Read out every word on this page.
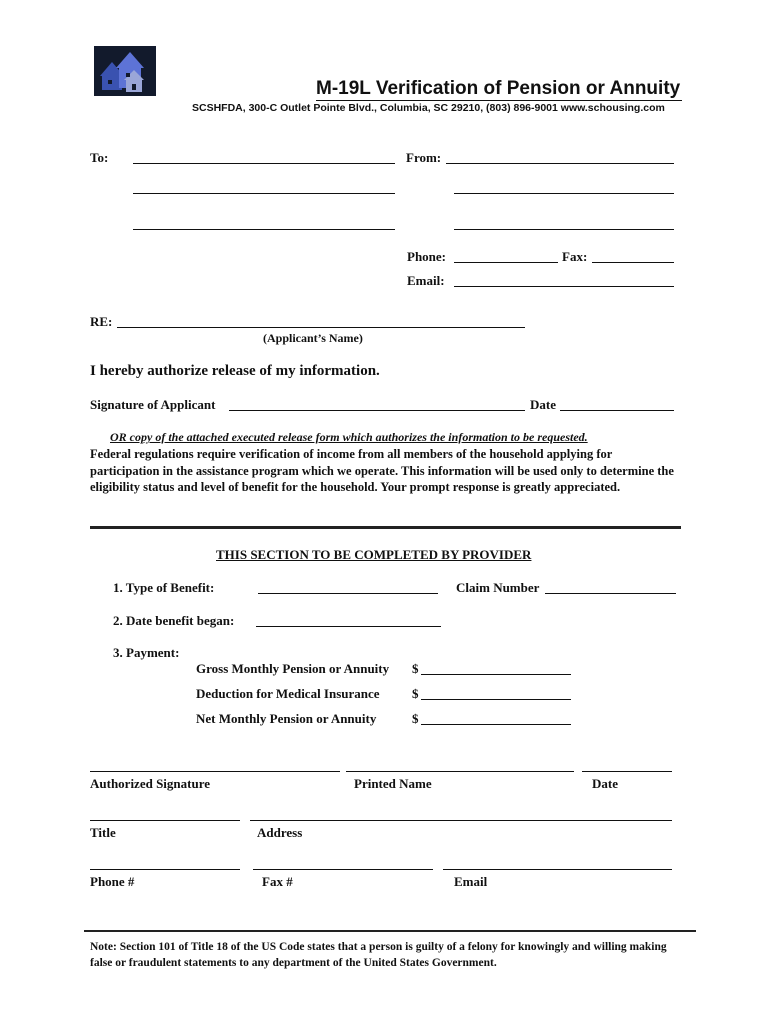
M-19L Verification of Pension or Annuity
SCSHFDA, 300-C Outlet Pointe Blvd., Columbia, SC 29210, (803) 896-9001 www.schousing.com
To:	From:
Phone:	Fax:
Email:
RE:
(Applicant’s Name)
I hereby authorize release of my information.
Signature of Applicant	Date
OR copy of the attached executed release form which authorizes the information to be requested.
Federal regulations require verification of income from all members of the household applying for participation in the assistance program which we operate. This information will be used only to determine the eligibility status and level of benefit for the household. Your prompt response is greatly appreciated.
THIS SECTION TO BE COMPLETED BY PROVIDER
1. Type of Benefit:	Claim Number
2. Date benefit began:
3. Payment:
Gross Monthly Pension or Annuity $
Deduction for Medical Insurance $
Net Monthly Pension or Annuity	$
Authorized Signature	Printed Name	Date
Title	Address
Phone #	Fax #	Email
Note: Section 101 of Title 18 of the US Code states that a person is guilty of a felony for knowingly and willing making false or fraudulent statements to any department of the United States Government.
